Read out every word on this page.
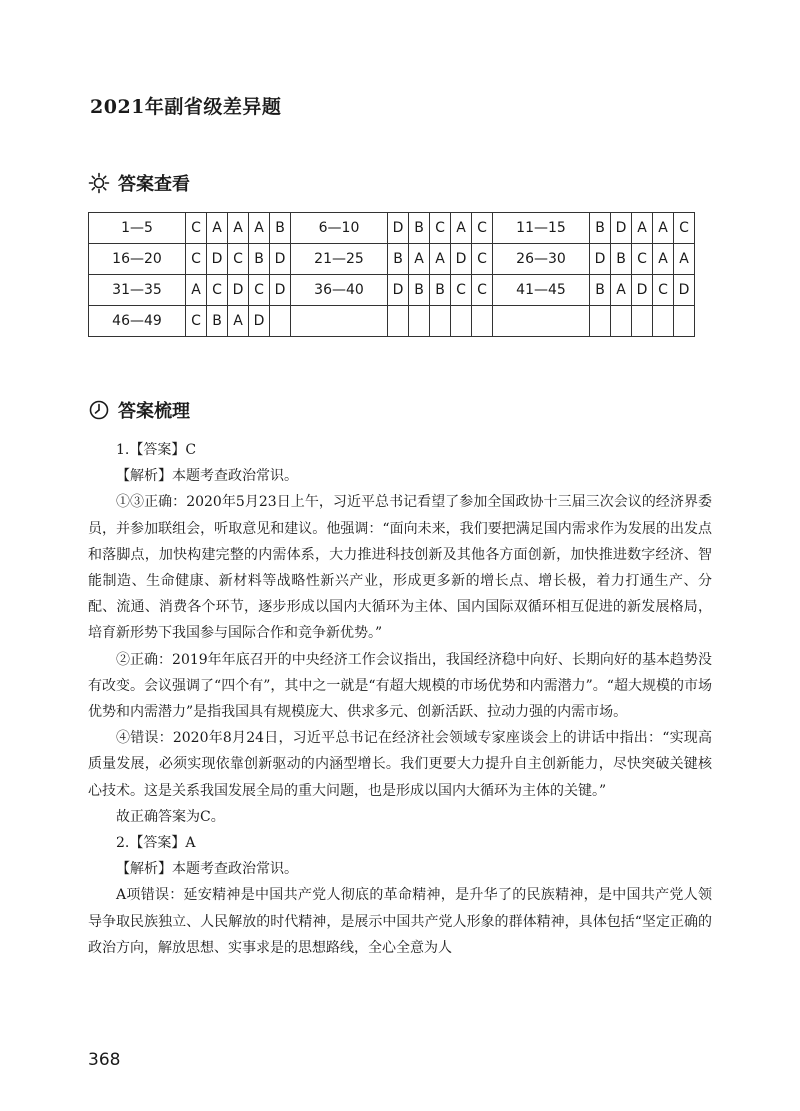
2021年副省级差异题
答案查看
1—5	C	A	A	A	B	6—10	D	B	C	A	C	11—15	B	D	A	A	C
16—20	C	D	C	B	D	21—25	B	A	A	D	C	26—30	D	B	C	A	A
31—35	A	C	D	C	D	36—40	D	B	B	C	C	41—45	B	A	D	C	D
46—49	C	B	A	D													
答案梳理

1.【答案】C

【解析】本题考查政治常识。

①③正确：2020年5月23日上午，习近平总书记看望了参加全国政协十三届三次会议的经济界委员，并参加联组会，听取意见和建议。他强调：“面向未来，我们要把满足国内需求作为发展的出发点和落脚点，加快构建完整的内需体系，大力推进科技创新及其他各方面创新，加快推进数字经济、智能制造、生命健康、新材料等战略性新兴产业，形成更多新的增长点、增长极，着力打通生产、分配、流通、消费各个环节，逐步形成以国内大循环为主体、国内国际双循环相互促进的新发展格局，培育新形势下我国参与国际合作和竞争新优势。”

②正确：2019年年底召开的中央经济工作会议指出，我国经济稳中向好、长期向好的基本趋势没有改变。会议强调了“四个有”，其中之一就是“有超大规模的市场优势和内需潜力”。“超大规模的市场优势和内需潜力”是指我国具有规模庞大、供求多元、创新活跃、拉动力强的内需市场。

④错误：2020年8月24日，习近平总书记在经济社会领域专家座谈会上的讲话中指出：“实现高质量发展，必须实现依靠创新驱动的内涵型增长。我们更要大力提升自主创新能力，尽快突破关键核心技术。这是关系我国发展全局的重大问题，也是形成以国内大循环为主体的关键。”

故正确答案为C。

2.【答案】A

【解析】本题考查政治常识。

A项错误：延安精神是中国共产党人彻底的革命精神，是升华了的民族精神，是中国共产党人领导争取民族独立、人民解放的时代精神，是展示中国共产党人形象的群体精神，具体包括“坚定正确的政治方向，解放思想、实事求是的思想路线，全心全意为人

368
